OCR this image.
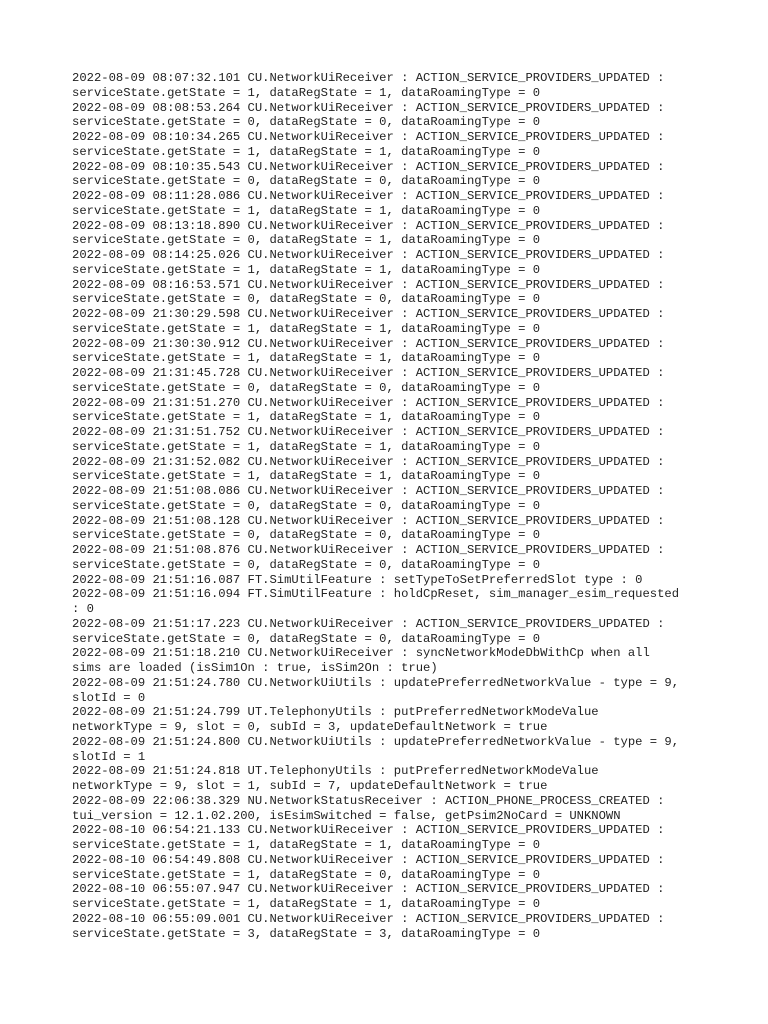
2022-08-09 08:07:32.101 CU.NetworkUiReceiver : ACTION_SERVICE_PROVIDERS_UPDATED :
serviceState.getState = 1, dataRegState = 1, dataRoamingType = 0
2022-08-09 08:08:53.264 CU.NetworkUiReceiver : ACTION_SERVICE_PROVIDERS_UPDATED :
serviceState.getState = 0, dataRegState = 0, dataRoamingType = 0
2022-08-09 08:10:34.265 CU.NetworkUiReceiver : ACTION_SERVICE_PROVIDERS_UPDATED :
serviceState.getState = 1, dataRegState = 1, dataRoamingType = 0
2022-08-09 08:10:35.543 CU.NetworkUiReceiver : ACTION_SERVICE_PROVIDERS_UPDATED :
serviceState.getState = 0, dataRegState = 0, dataRoamingType = 0
2022-08-09 08:11:28.086 CU.NetworkUiReceiver : ACTION_SERVICE_PROVIDERS_UPDATED :
serviceState.getState = 1, dataRegState = 1, dataRoamingType = 0
2022-08-09 08:13:18.890 CU.NetworkUiReceiver : ACTION_SERVICE_PROVIDERS_UPDATED :
serviceState.getState = 0, dataRegState = 1, dataRoamingType = 0
2022-08-09 08:14:25.026 CU.NetworkUiReceiver : ACTION_SERVICE_PROVIDERS_UPDATED :
serviceState.getState = 1, dataRegState = 1, dataRoamingType = 0
2022-08-09 08:16:53.571 CU.NetworkUiReceiver : ACTION_SERVICE_PROVIDERS_UPDATED :
serviceState.getState = 0, dataRegState = 0, dataRoamingType = 0
2022-08-09 21:30:29.598 CU.NetworkUiReceiver : ACTION_SERVICE_PROVIDERS_UPDATED :
serviceState.getState = 1, dataRegState = 1, dataRoamingType = 0
2022-08-09 21:30:30.912 CU.NetworkUiReceiver : ACTION_SERVICE_PROVIDERS_UPDATED :
serviceState.getState = 1, dataRegState = 1, dataRoamingType = 0
2022-08-09 21:31:45.728 CU.NetworkUiReceiver : ACTION_SERVICE_PROVIDERS_UPDATED :
serviceState.getState = 0, dataRegState = 0, dataRoamingType = 0
2022-08-09 21:31:51.270 CU.NetworkUiReceiver : ACTION_SERVICE_PROVIDERS_UPDATED :
serviceState.getState = 1, dataRegState = 1, dataRoamingType = 0
2022-08-09 21:31:51.752 CU.NetworkUiReceiver : ACTION_SERVICE_PROVIDERS_UPDATED :
serviceState.getState = 1, dataRegState = 1, dataRoamingType = 0
2022-08-09 21:31:52.082 CU.NetworkUiReceiver : ACTION_SERVICE_PROVIDERS_UPDATED :
serviceState.getState = 1, dataRegState = 1, dataRoamingType = 0
2022-08-09 21:51:08.086 CU.NetworkUiReceiver : ACTION_SERVICE_PROVIDERS_UPDATED :
serviceState.getState = 0, dataRegState = 0, dataRoamingType = 0
2022-08-09 21:51:08.128 CU.NetworkUiReceiver : ACTION_SERVICE_PROVIDERS_UPDATED :
serviceState.getState = 0, dataRegState = 0, dataRoamingType = 0
2022-08-09 21:51:08.876 CU.NetworkUiReceiver : ACTION_SERVICE_PROVIDERS_UPDATED :
serviceState.getState = 0, dataRegState = 0, dataRoamingType = 0
2022-08-09 21:51:16.087 FT.SimUtilFeature : setTypeToSetPreferredSlot type : 0
2022-08-09 21:51:16.094 FT.SimUtilFeature : holdCpReset, sim_manager_esim_requested
: 0
2022-08-09 21:51:17.223 CU.NetworkUiReceiver : ACTION_SERVICE_PROVIDERS_UPDATED :
serviceState.getState = 0, dataRegState = 0, dataRoamingType = 0
2022-08-09 21:51:18.210 CU.NetworkUiReceiver : syncNetworkModeDbWithCp when all
sims are loaded (isSim1On : true, isSim2On : true)
2022-08-09 21:51:24.780 CU.NetworkUiUtils : updatePreferredNetworkValue - type = 9,
slotId = 0
2022-08-09 21:51:24.799 UT.TelephonyUtils : putPreferredNetworkModeValue
networkType = 9, slot = 0, subId = 3, updateDefaultNetwork = true
2022-08-09 21:51:24.800 CU.NetworkUiUtils : updatePreferredNetworkValue - type = 9,
slotId = 1
2022-08-09 21:51:24.818 UT.TelephonyUtils : putPreferredNetworkModeValue
networkType = 9, slot = 1, subId = 7, updateDefaultNetwork = true
2022-08-09 22:06:38.329 NU.NetworkStatusReceiver : ACTION_PHONE_PROCESS_CREATED :
tui_version = 12.1.02.200, isEsimSwitched = false, getPsim2NoCard = UNKNOWN
2022-08-10 06:54:21.133 CU.NetworkUiReceiver : ACTION_SERVICE_PROVIDERS_UPDATED :
serviceState.getState = 1, dataRegState = 1, dataRoamingType = 0
2022-08-10 06:54:49.808 CU.NetworkUiReceiver : ACTION_SERVICE_PROVIDERS_UPDATED :
serviceState.getState = 1, dataRegState = 0, dataRoamingType = 0
2022-08-10 06:55:07.947 CU.NetworkUiReceiver : ACTION_SERVICE_PROVIDERS_UPDATED :
serviceState.getState = 1, dataRegState = 1, dataRoamingType = 0
2022-08-10 06:55:09.001 CU.NetworkUiReceiver : ACTION_SERVICE_PROVIDERS_UPDATED :
serviceState.getState = 3, dataRegState = 3, dataRoamingType = 0
